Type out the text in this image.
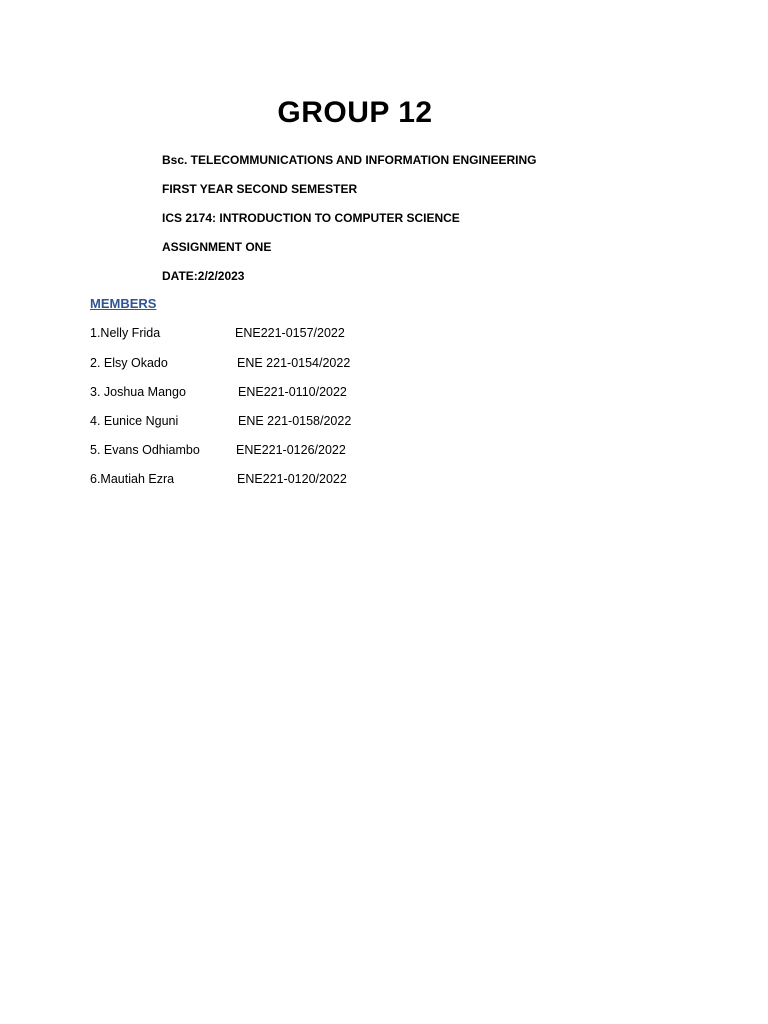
GROUP 12
Bsc. TELECOMMUNICATIONS AND INFORMATION ENGINEERING
FIRST YEAR SECOND SEMESTER
ICS 2174: INTRODUCTION TO COMPUTER SCIENCE
ASSIGNMENT ONE
DATE:2/2/2023
MEMBERS
1.Nelly Frida	ENE221-0157/2022
2. Elsy Okado	ENE 221-0154/2022
3. Joshua Mango	ENE221-0110/2022
4. Eunice Nguni	ENE 221-0158/2022
5. Evans Odhiambo	ENE221-0126/2022
6.Mautiah Ezra	ENE221-0120/2022
